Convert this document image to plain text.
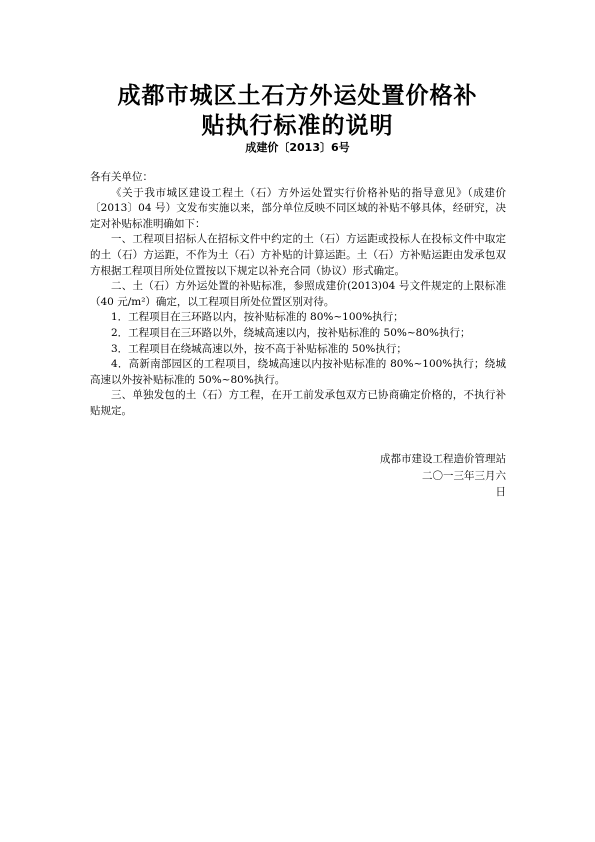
成都市城区土石方外运处置价格补
贴执行标准的说明
成建价〔2013〕6号

各有关单位：

《关于我市城区建设工程土（石）方外运处置实行价格补贴的指导意见》（成建价〔2013〕04 号）文发布实施以来，部分单位反映不同区域的补贴不够具体，经研究，决定对补贴标准明确如下：

一、工程项目招标人在招标文件中约定的土（石）方运距或投标人在投标文件中取定的土（石）方运距，不作为土（石）方补贴的计算运距。土（石）方补贴运距由发承包双方根据工程项目所处位置按以下规定以补充合同（协议）形式确定。

二、土（石）方外运处置的补贴标准，参照成建价(2013)04 号文件规定的上限标准（40 元/m²）确定，以工程项目所处位置区别对待。

1．工程项目在三环路以内，按补贴标准的 80%~100%执行；

2．工程项目在三环路以外，绕城高速以内，按补贴标准的 50%~80%执行；

3．工程项目在绕城高速以外，按不高于补贴标准的 50%执行；

4．高新南部园区的工程项目，绕城高速以内按补贴标准的 80%~100%执行；绕城高速以外按补贴标准的 50%~80%执行。

三、单独发包的土（石）方工程，在开工前发承包双方已协商确定价格的，不执行补贴规定。

成都市建设工程造价管理站
二〇一三年三月六
日
